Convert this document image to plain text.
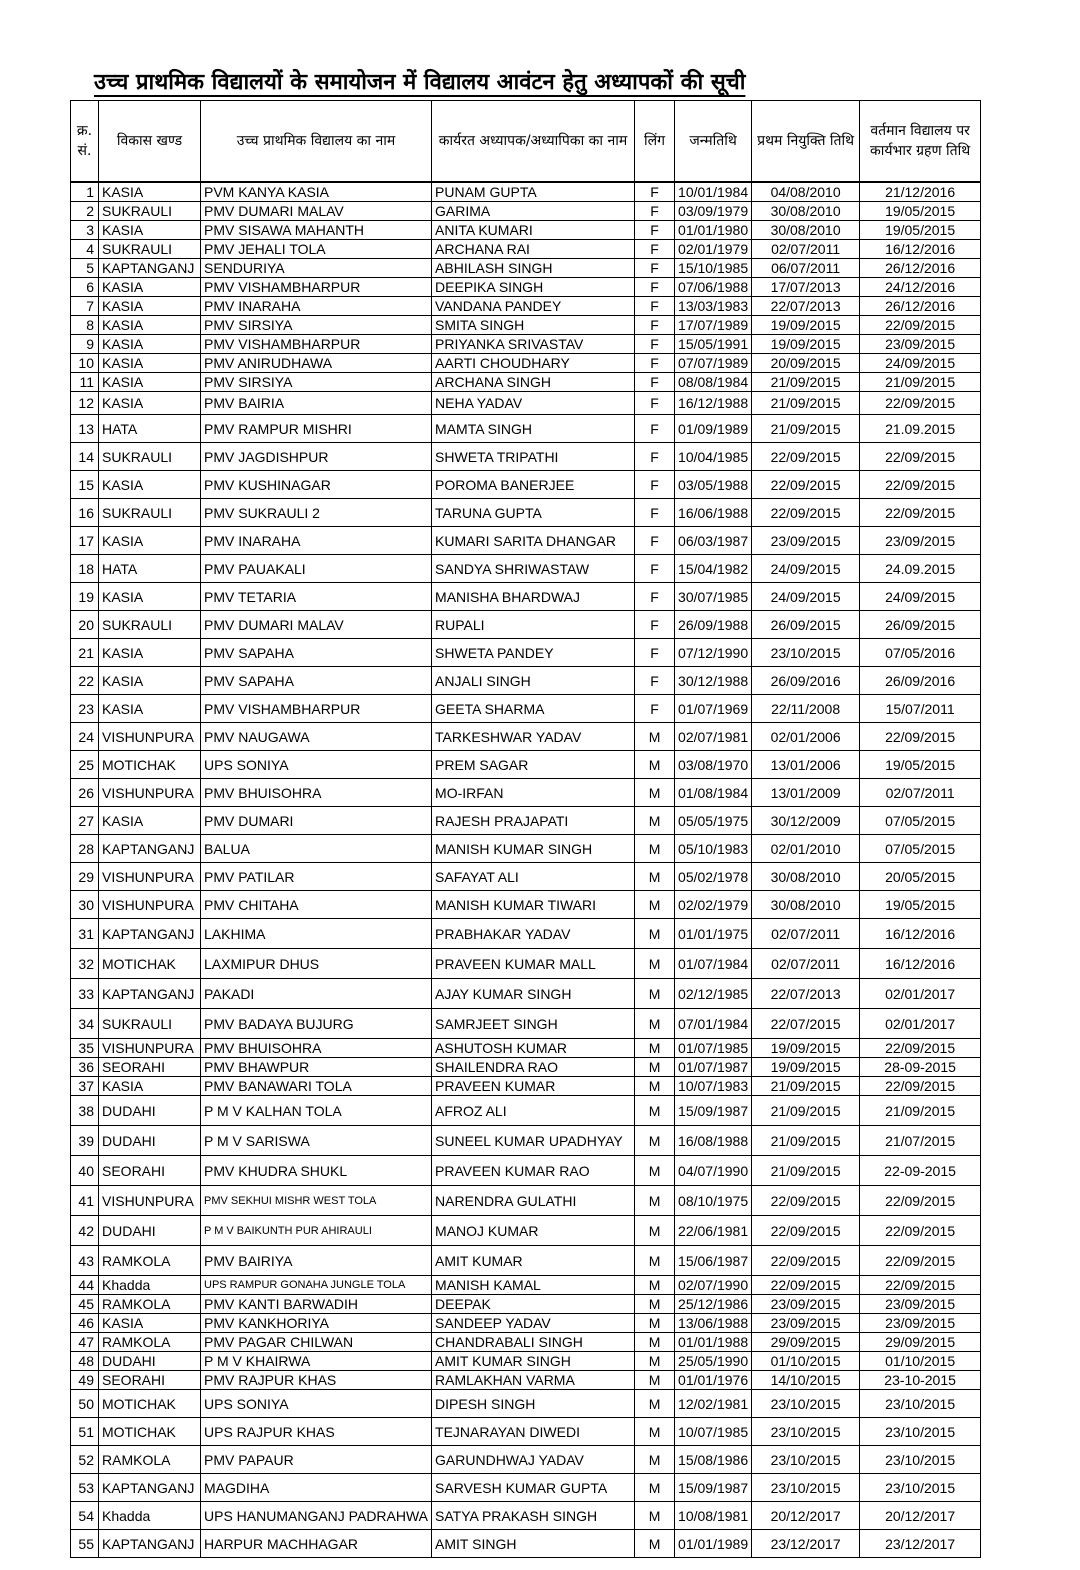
उच्च प्राथमिक विद्यालयों के समायोजन में विद्यालय आवंटन हेतु अध्यापकों की सूची
क्र. सं.	विकास खण्ड	उच्च प्राथमिक विद्यालय का नाम	कार्यरत अध्यापक/अध्यापिका का नाम	लिंग	जन्मतिथि	प्रथम नियुक्ति तिथि	वर्तमान विद्यालय पर कार्यभार ग्रहण तिथि
1	KASIA	PVM KANYA KASIA	PUNAM GUPTA	F	10/01/1984	04/08/2010	21/12/2016
2	SUKRAULI	PMV DUMARI MALAV	GARIMA	F	03/09/1979	30/08/2010	19/05/2015
3	KASIA	PMV SISAWA MAHANTH	ANITA KUMARI	F	01/01/1980	30/08/2010	19/05/2015
4	SUKRAULI	PMV JEHALI TOLA	ARCHANA RAI	F	02/01/1979	02/07/2011	16/12/2016
5	KAPTANGANJ	SENDURIYA	ABHILASH SINGH	F	15/10/1985	06/07/2011	26/12/2016
6	KASIA	PMV VISHAMBHARPUR	DEEPIKA SINGH	F	07/06/1988	17/07/2013	24/12/2016
7	KASIA	PMV INARAHA	VANDANA PANDEY	F	13/03/1983	22/07/2013	26/12/2016
8	KASIA	PMV SIRSIYA	SMITA SINGH	F	17/07/1989	19/09/2015	22/09/2015
9	KASIA	PMV VISHAMBHARPUR	PRIYANKA SRIVASTAV	F	15/05/1991	19/09/2015	23/09/2015
10	KASIA	PMV ANIRUDHAWA	AARTI CHOUDHARY	F	07/07/1989	20/09/2015	24/09/2015
11	KASIA	PMV SIRSIYA	ARCHANA SINGH	F	08/08/1984	21/09/2015	21/09/2015
12	KASIA	PMV BAIRIA	NEHA YADAV	F	16/12/1988	21/09/2015	22/09/2015
13	HATA	PMV RAMPUR MISHRI	MAMTA SINGH	F	01/09/1989	21/09/2015	21.09.2015
14	SUKRAULI	PMV JAGDISHPUR	SHWETA TRIPATHI	F	10/04/1985	22/09/2015	22/09/2015
15	KASIA	PMV KUSHINAGAR	POROMA BANERJEE	F	03/05/1988	22/09/2015	22/09/2015
16	SUKRAULI	PMV SUKRAULI 2	TARUNA GUPTA	F	16/06/1988	22/09/2015	22/09/2015
17	KASIA	PMV INARAHA	KUMARI SARITA DHANGAR	F	06/03/1987	23/09/2015	23/09/2015
18	HATA	PMV PAUAKALI	SANDYA SHRIWASTAW	F	15/04/1982	24/09/2015	24.09.2015
19	KASIA	PMV TETARIA	MANISHA BHARDWAJ	F	30/07/1985	24/09/2015	24/09/2015
20	SUKRAULI	PMV DUMARI MALAV	RUPALI	F	26/09/1988	26/09/2015	26/09/2015
21	KASIA	PMV SAPAHA	SHWETA PANDEY	F	07/12/1990	23/10/2015	07/05/2016
22	KASIA	PMV SAPAHA	ANJALI SINGH	F	30/12/1988	26/09/2016	26/09/2016
23	KASIA	PMV VISHAMBHARPUR	GEETA SHARMA	F	01/07/1969	22/11/2008	15/07/2011
24	VISHUNPURA	PMV NAUGAWA	TARKESHWAR YADAV	M	02/07/1981	02/01/2006	22/09/2015
25	MOTICHAK	UPS SONIYA	PREM SAGAR	M	03/08/1970	13/01/2006	19/05/2015
26	VISHUNPURA	PMV BHUISOHRA	MO-IRFAN	M	01/08/1984	13/01/2009	02/07/2011
27	KASIA	PMV DUMARI	RAJESH PRAJAPATI	M	05/05/1975	30/12/2009	07/05/2015
28	KAPTANGANJ	BALUA	MANISH KUMAR SINGH	M	05/10/1983	02/01/2010	07/05/2015
29	VISHUNPURA	PMV PATILAR	SAFAYAT ALI	M	05/02/1978	30/08/2010	20/05/2015
30	VISHUNPURA	PMV CHITAHA	MANISH KUMAR TIWARI	M	02/02/1979	30/08/2010	19/05/2015
31	KAPTANGANJ	LAKHIMA	PRABHAKAR YADAV	M	01/01/1975	02/07/2011	16/12/2016
32	MOTICHAK	LAXMIPUR DHUS	PRAVEEN KUMAR MALL	M	01/07/1984	02/07/2011	16/12/2016
33	KAPTANGANJ	PAKADI	AJAY KUMAR SINGH	M	02/12/1985	22/07/2013	02/01/2017
34	SUKRAULI	PMV BADAYA BUJURG	SAMRJEET SINGH	M	07/01/1984	22/07/2015	02/01/2017
35	VISHUNPURA	PMV BHUISOHRA	ASHUTOSH KUMAR	M	01/07/1985	19/09/2015	22/09/2015
36	SEORAHI	PMV BHAWPUR	SHAILENDRA RAO	M	01/07/1987	19/09/2015	28-09-2015
37	KASIA	PMV BANAWARI TOLA	PRAVEEN KUMAR	M	10/07/1983	21/09/2015	22/09/2015
38	DUDAHI	P M V KALHAN TOLA	AFROZ ALI	M	15/09/1987	21/09/2015	21/09/2015
39	DUDAHI	P M V SARISWA	SUNEEL KUMAR UPADHYAY	M	16/08/1988	21/09/2015	21/07/2015
40	SEORAHI	PMV KHUDRA SHUKL	PRAVEEN KUMAR RAO	M	04/07/1990	21/09/2015	22-09-2015
41	VISHUNPURA	PMV SEKHUI MISHR WEST TOLA	NARENDRA GULATHI	M	08/10/1975	22/09/2015	22/09/2015
42	DUDAHI	P M V BAIKUNTH PUR AHIRAULI	MANOJ KUMAR	M	22/06/1981	22/09/2015	22/09/2015
43	RAMKOLA	PMV BAIRIYA	AMIT KUMAR	M	15/06/1987	22/09/2015	22/09/2015
44	Khadda	UPS RAMPUR GONAHA JUNGLE TOLA	MANISH KAMAL	M	02/07/1990	22/09/2015	22/09/2015
45	RAMKOLA	PMV KANTI BARWADIH	DEEPAK	M	25/12/1986	23/09/2015	23/09/2015
46	KASIA	PMV KANKHORIYA	SANDEEP YADAV	M	13/06/1988	23/09/2015	23/09/2015
47	RAMKOLA	PMV PAGAR CHILWAN	CHANDRABALI SINGH	M	01/01/1988	29/09/2015	29/09/2015
48	DUDAHI	P M V KHAIRWA	AMIT KUMAR SINGH	M	25/05/1990	01/10/2015	01/10/2015
49	SEORAHI	PMV RAJPUR KHAS	RAMLAKHAN VARMA	M	01/01/1976	14/10/2015	23-10-2015
50	MOTICHAK	UPS SONIYA	DIPESH SINGH	M	12/02/1981	23/10/2015	23/10/2015
51	MOTICHAK	UPS RAJPUR KHAS	TEJNARAYAN DIWEDI	M	10/07/1985	23/10/2015	23/10/2015
52	RAMKOLA	PMV PAPAUR	GARUNDHWAJ YADAV	M	15/08/1986	23/10/2015	23/10/2015
53	KAPTANGANJ	MAGDIHA	SARVESH KUMAR GUPTA	M	15/09/1987	23/10/2015	23/10/2015
54	Khadda	UPS HANUMANGANJ PADRAHWA	SATYA PRAKASH SINGH	M	10/08/1981	20/12/2017	20/12/2017
55	KAPTANGANJ	HARPUR MACHHAGAR	AMIT SINGH	M	01/01/1989	23/12/2017	23/12/2017
